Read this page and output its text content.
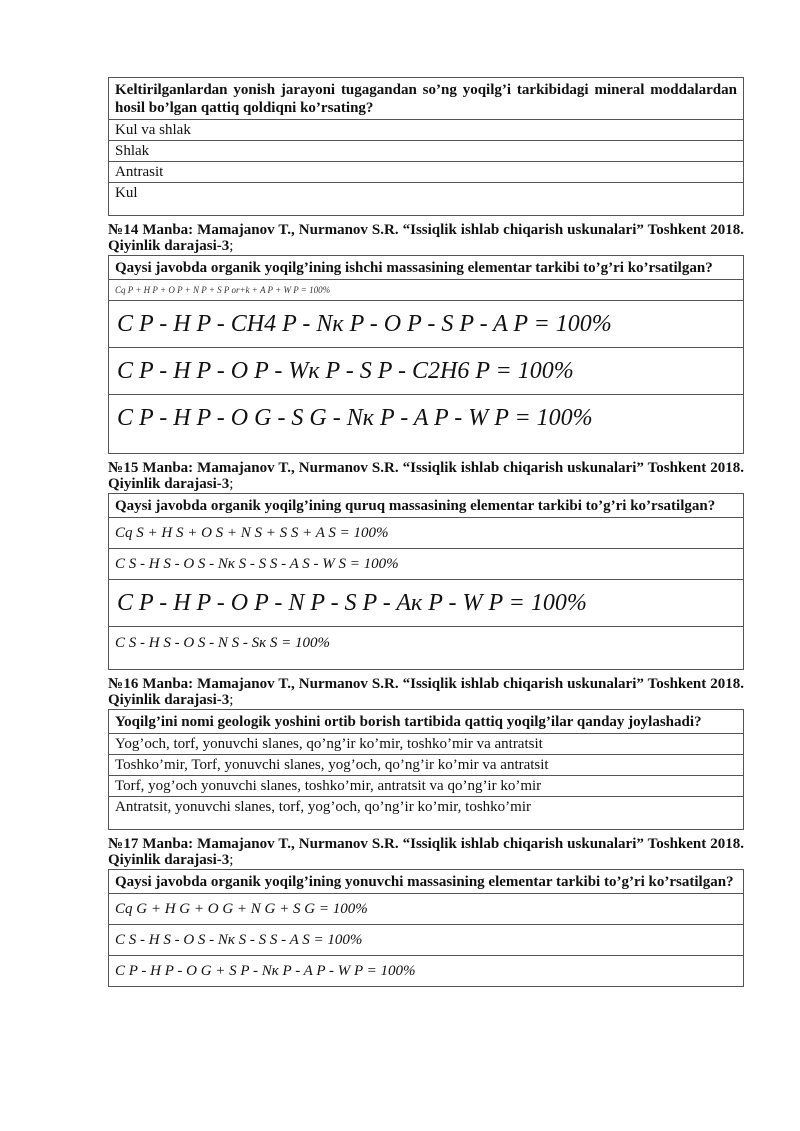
Keltirilganlardan yonish jarayoni tugagandan so’ng yoqilg’i tarkibidagi mineral moddalardan hosil bo’lgan qattiq qoldiqni ko’rsating?
Kul va shlak
Shlak
Antrasit
Kul
№14 Manba: Mamajanov T., Nurmanov S.R. “Issiqlik ishlab chiqarish uskunalari” Toshkent 2018. Qiyinlik darajasi-3;
Qaysi javobda organik yoqilg’ining ishchi massasining elementar tarkibi to’g’ri ko’rsatilgan?
Cq P + H P + O P + N P + S P or+k + A P + W P = 100%
C P - H P - CH4 P - Nк P - O P - S P - A P = 100%
C P - H P - O P - Wк P - S P - C2H6 P = 100%
C P - H P - O G - S G - Nк P - A P - W P = 100%
№15 Manba: Mamajanov T., Nurmanov S.R. “Issiqlik ishlab chiqarish uskunalari” Toshkent 2018. Qiyinlik darajasi-3;
Qaysi javobda organik yoqilg’ining quruq massasining elementar tarkibi to’g’ri ko’rsatilgan?
Cq S + H S + O S + N S + S S + A S = 100%
C S - H S - O S - Nк S - S S - A S - W S = 100%
C P - H P - O P - N P - S P - Aк P - W P = 100%
C S - H S - O S - N S - Sк S = 100%
№16 Manba: Mamajanov T., Nurmanov S.R. “Issiqlik ishlab chiqarish uskunalari” Toshkent 2018. Qiyinlik darajasi-3;
Yoqilg’ini nomi geologik yoshini ortib borish tartibida qattiq yoqilg’ilar qanday joylashadi?
Yog’och, torf, yonuvchi slanes, qo’ng’ir ko’mir, toshko’mir va antratsit
Toshko’mir, Torf, yonuvchi slanes, yog’och, qo’ng’ir ko’mir va antratsit
Torf, yog’och yonuvchi slanes, toshko’mir, antratsit va qo’ng’ir ko’mir
Antratsit, yonuvchi slanes, torf, yog’och, qo’ng’ir ko’mir, toshko’mir
№17 Manba: Mamajanov T., Nurmanov S.R. “Issiqlik ishlab chiqarish uskunalari” Toshkent 2018. Qiyinlik darajasi-3;
Qaysi javobda organik yoqilg’ining yonuvchi massasining elementar tarkibi to’g’ri ko’rsatilgan?
Cq G + H G + O G + N G + S G = 100%
C S - H S - O S - Nк S - S S - A S = 100%
C P - H P - O G + S P - Nк P - A P - W P = 100%
